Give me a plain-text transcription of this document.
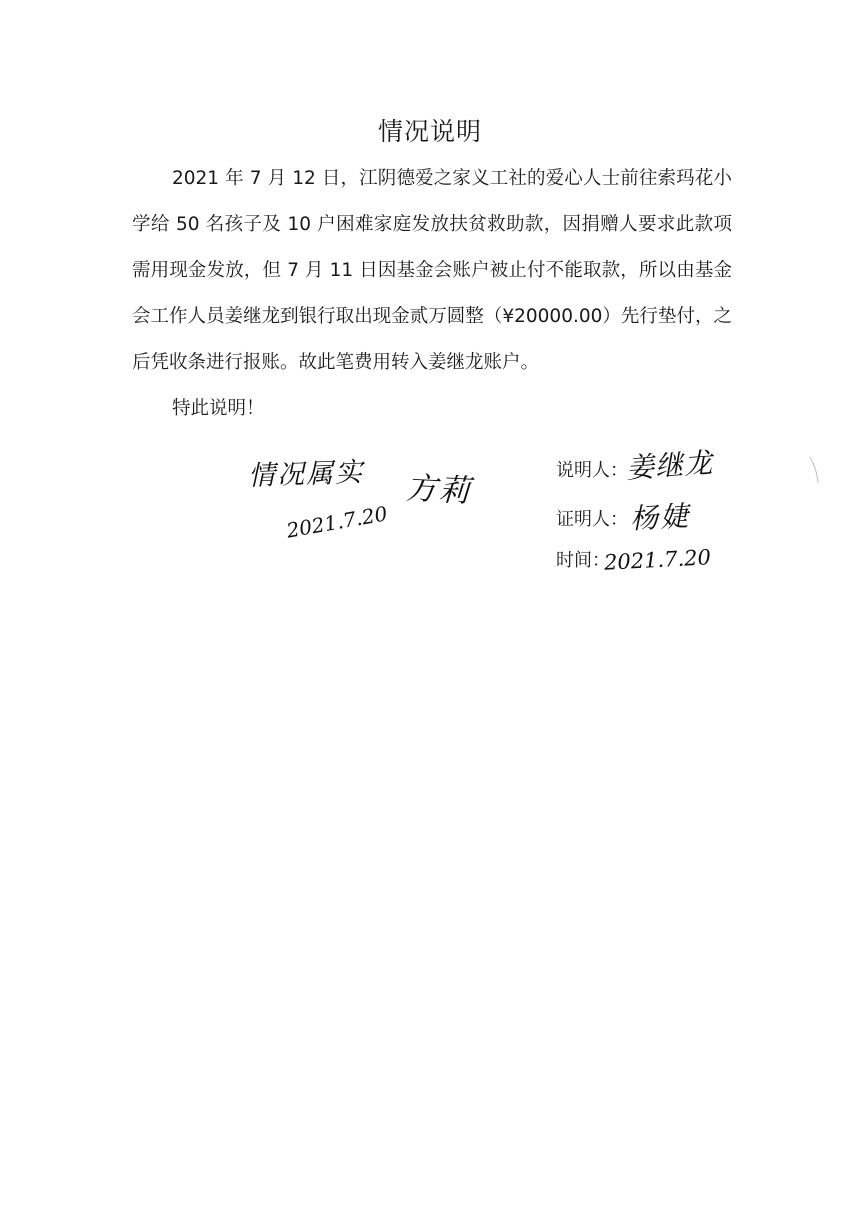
情况说明

2021 年 7 月 12 日，江阴德爱之家义工社的爱心人士前往索玛花小学给 50 名孩子及 10 户困难家庭发放扶贫救助款，因捐赠人要求此款项需用现金发放，但 7 月 11 日因基金会账户被止付不能取款，所以由基金会工作人员姜继龙到银行取出现金贰万圆整（¥20000.00）先行垫付，之后凭收条进行报账。故此笔费用转入姜继龙账户。

特此说明！

情况属实 方莉
2021.7.20
说明人：
姜继龙
证明人： 杨婕
时间：
2021.7.20
